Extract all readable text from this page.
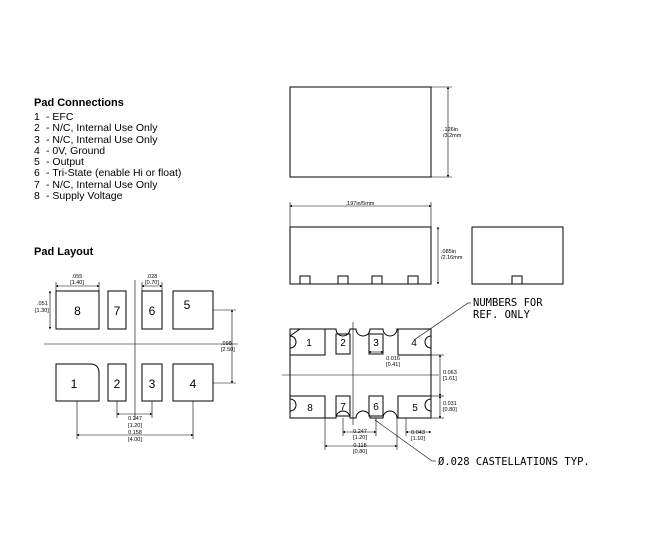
Pad Connections
1 - EFC
2 - N/C, Internal Use Only
3 - N/C, Internal Use Only
4 - 0V, Ground
5 - Output
6 - Tri-State (enable Hi or float)
7 - N/C, Internal Use Only
8 - Supply Voltage
Pad Layout
8	7 6 5
1	2 3	4
.055
[1.40]
.028
[0.70]
.051
[1.30]
.098
[2.50]
0.247
[1.20]
0.158
[4.00]
.126in
/3.2mm
.197in/5mm
.085in
/2.16mm
1	2	3	4
8	7	6	5
0.016
[0.41]
0.063
[1.61]
0.031
[0.80]
0.043
[1.10]
0.247
[1.20]
0.118
[0.80]
NUMBERS FOR
REF. ONLY
Ø.028 CASTELLATIONS TYP.
